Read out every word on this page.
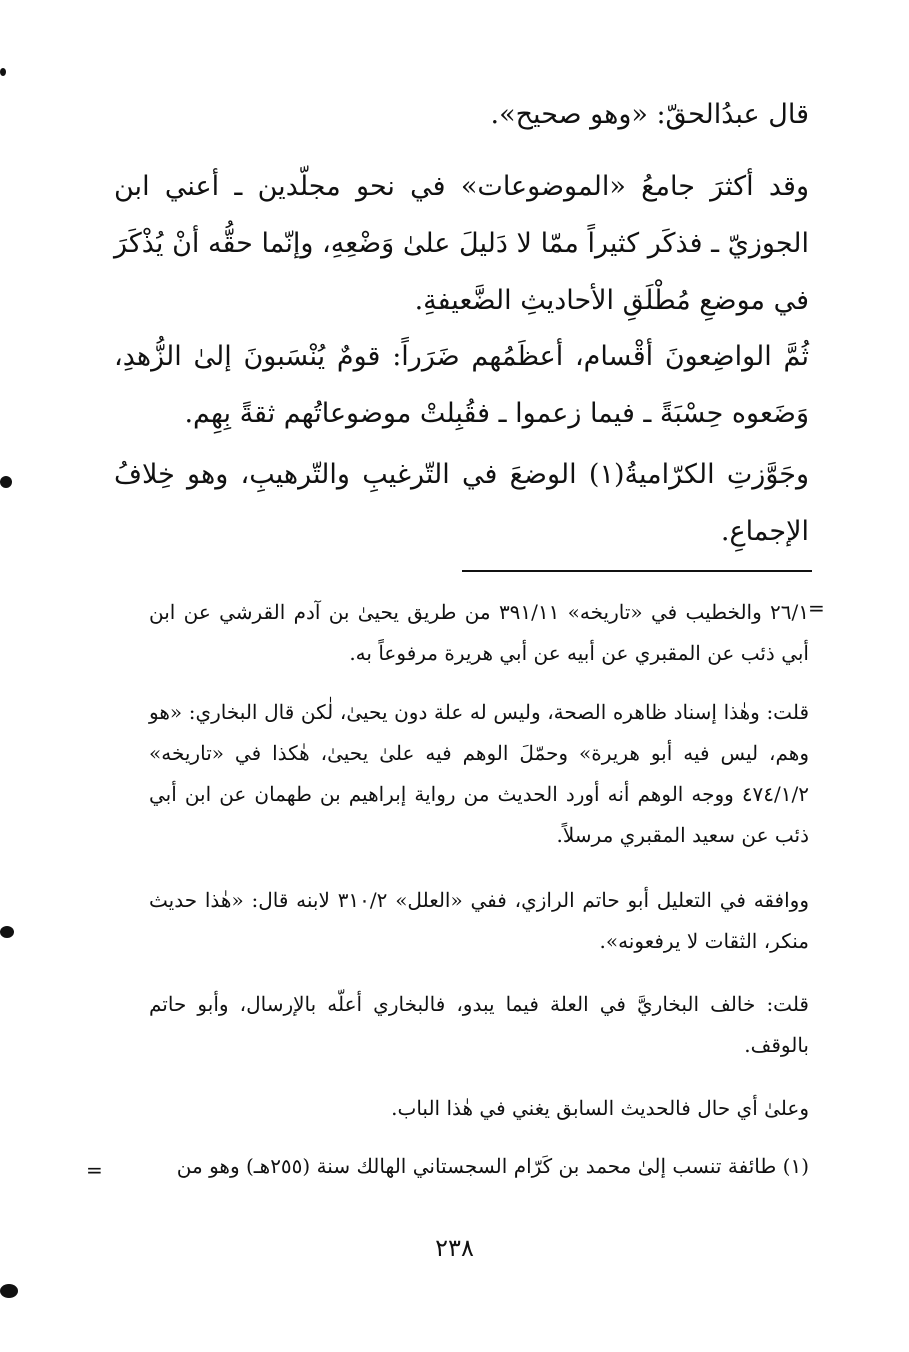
قال عبدُالحقّ: «وهو صحيح».

وقد أكثرَ جامعُ «الموضوعات» في نحو مجلّدين ـ أعني ابن الجوزيّ ـ فذكَر كثيراً ممّا لا دَليلَ علىٰ وَضْعِهِ، وإنّما حقُّه أنْ يُذْكَرَ في موضعِ مُطْلَقِ الأحاديثِ الضَّعيفةِ.

ثُمَّ الواضِعونَ أقْسام، أعظَمُهم ضَرَراً: قومٌ يُنْسَبونَ إلىٰ الزُّهدِ، وَضَعوه حِسْبَةً ـ فيما زعموا ـ فقُبِلتْ موضوعاتُهم ثقةً بِهِم.

وجَوَّزتِ الكرّاميةُ(١) الوضعَ في التّرغيبِ والتّرهيبِ، وهو خِلافُ الإجماعِ.

=

٢٦/١ والخطيب في «تاريخه» ٣٩١/١١ من طريق يحيىٰ بن آدم القرشي عن ابن أبي ذئب عن المقبري عن أبيه عن أبي هريرة مرفوعاً به.

قلت: وهٰذا إسناد ظاهره الصحة، وليس له علة دون يحيىٰ، لٰكن قال البخاري: «هو وهم، ليس فيه أبو هريرة» وحمّلَ الوهم فيه علىٰ يحيىٰ، هٰكذا في «تاريخه» ٤٧٤/١/٢ ووجه الوهم أنه أورد الحديث من رواية إبراهيم بن طهمان عن ابن أبي ذئب عن سعيد المقبري مرسلاً.

ووافقه في التعليل أبو حاتم الرازي، ففي «العلل» ٣١٠/٢ لابنه قال: «هٰذا حديث منكر، الثقات لا يرفعونه».

قلت: خالف البخاريَّ في العلة فيما يبدو، فالبخاري أعلّه بالإرسال، وأبو حاتم بالوقف.

وعلىٰ أي حال فالحديث السابق يغني في هٰذا الباب.

(١) طائفة تنسب إلىٰ محمد بن كَرّام السجستاني الهالك سنة (٢٥٥هـ) وهو من
=
٢٣٨
